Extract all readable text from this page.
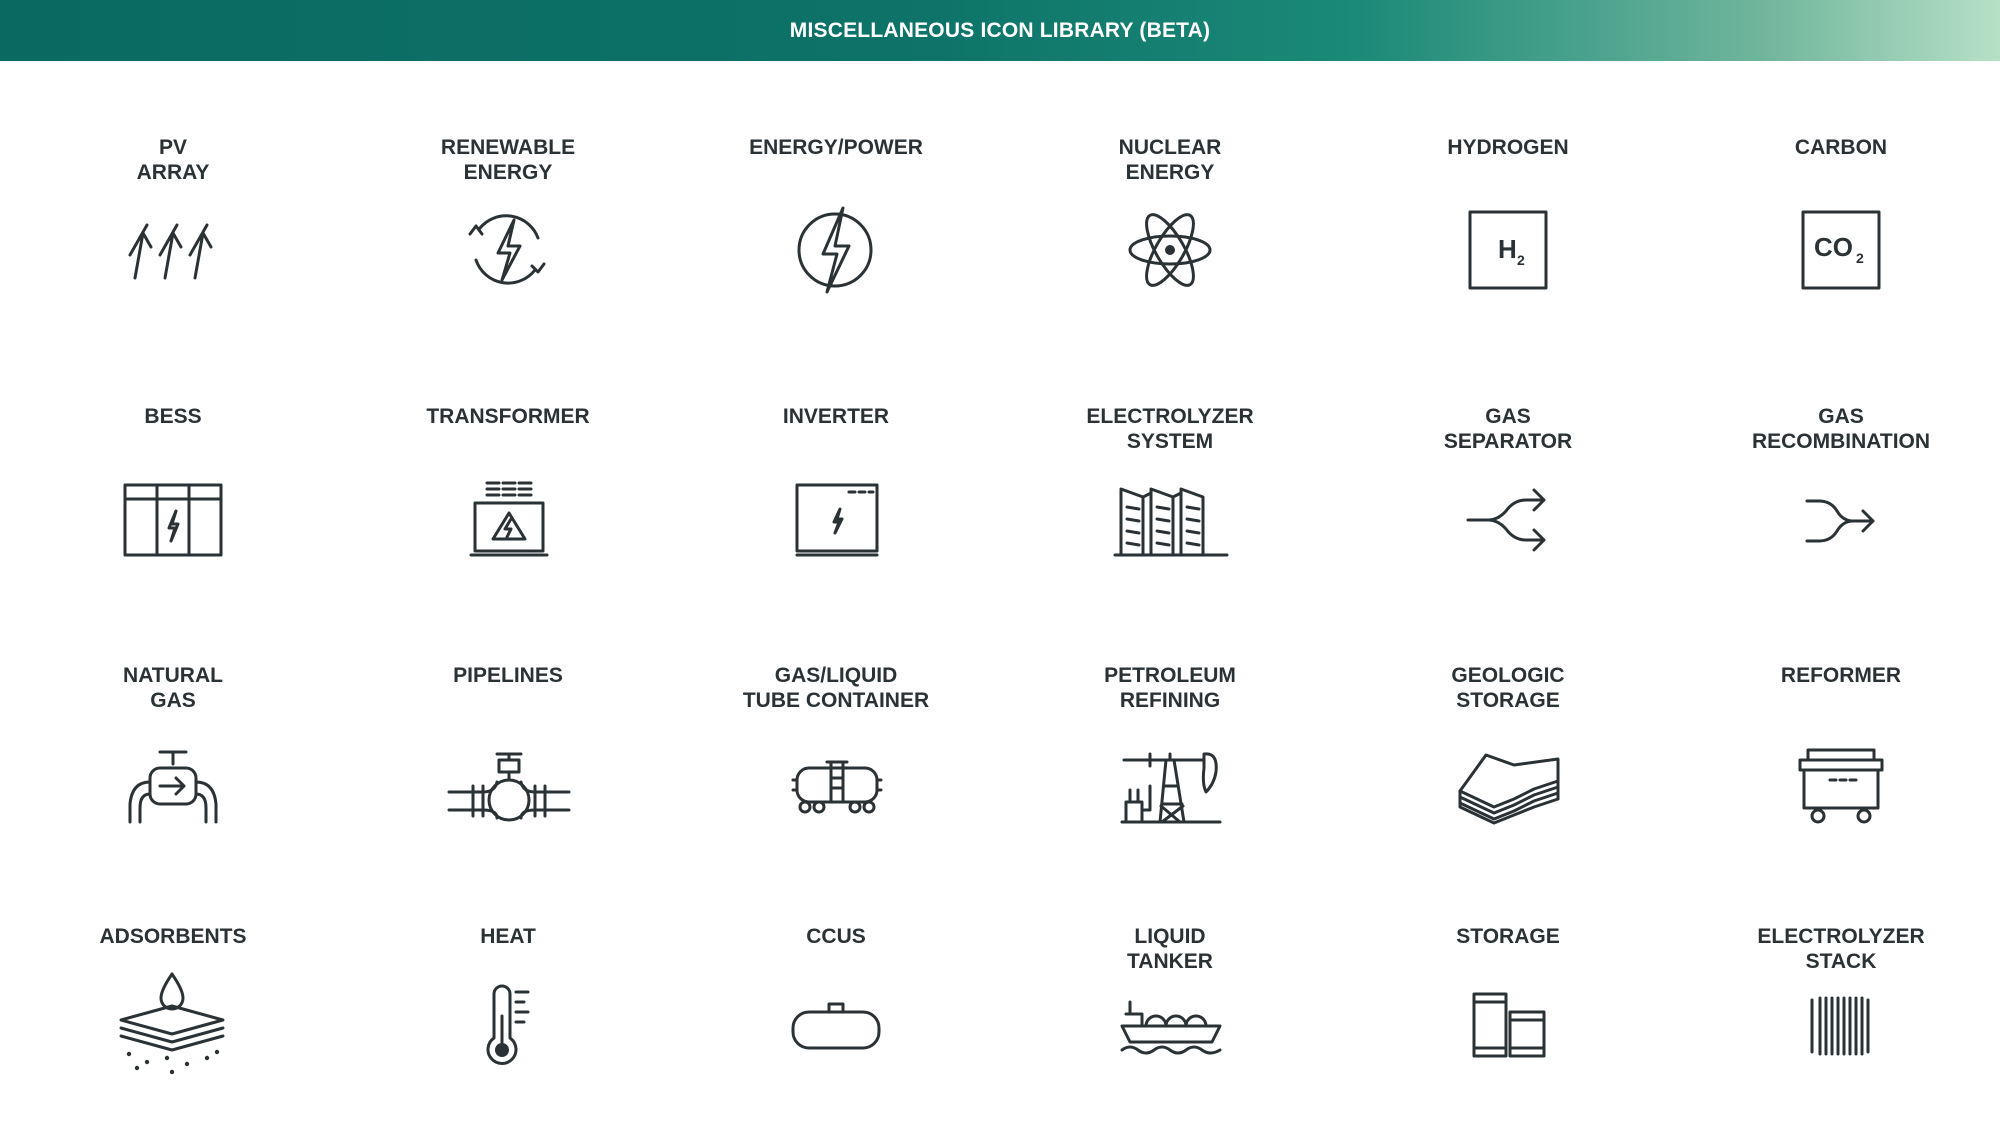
MISCELLANEOUS ICON LIBRARY (BETA)
PV
ARRAY
RENEWABLE
ENERGY
ENERGY/POWER	NUCLEAR
ENERGY
HYDROGEN
H 2
CARBON
CO 2
BESS	TRANSFORMER	INVERTER	ELECTROLYZER
SYSTEM
GAS
SEPARATOR
GAS
RECOMBINATION
NATURAL
GAS
PIPELINES	GAS/LIQUID
TUBE CONTAINER
PETROLEUM
REFINING
GEOLOGIC
STORAGE
REFORMER
ADSORBENTS	HEAT	CCUS	LIQUID
TANKER
STORAGE	ELECTROLYZER
STACK
